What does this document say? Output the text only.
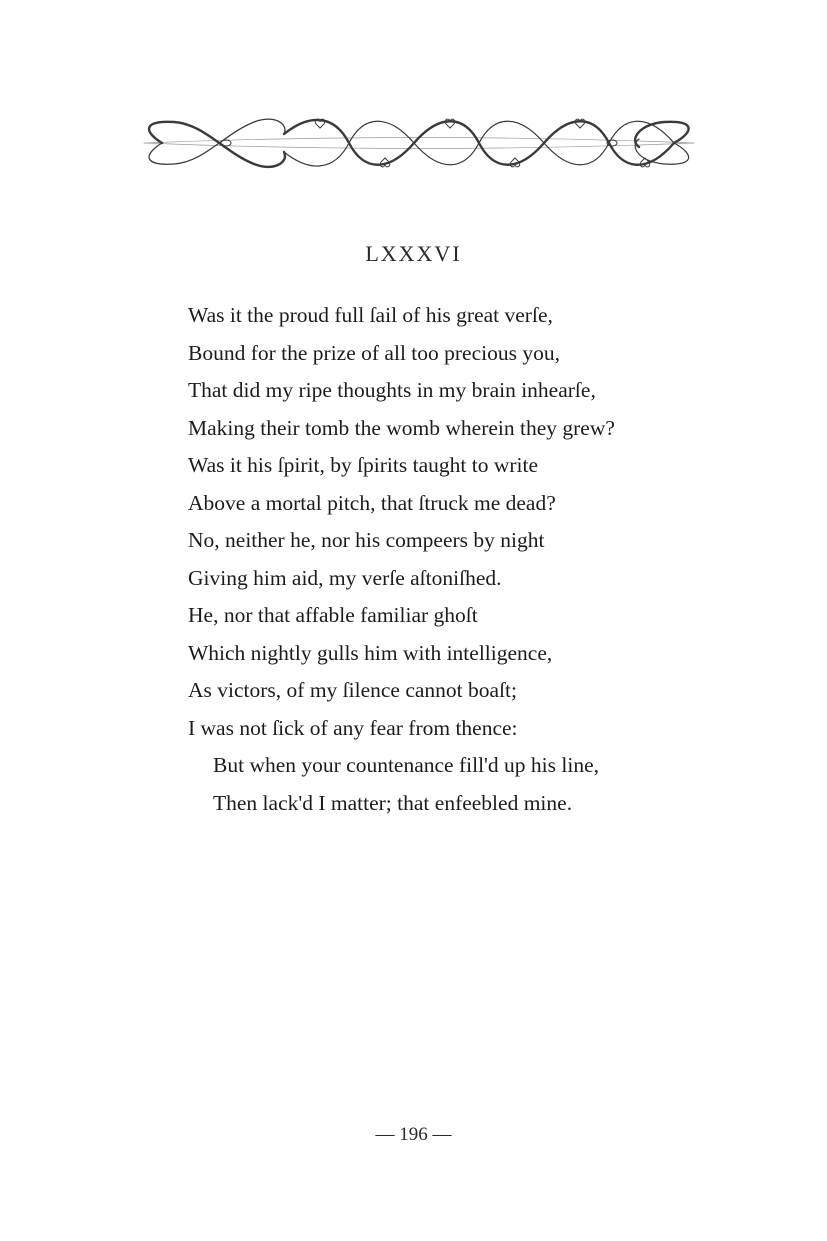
LXXXVI
Was it the proud full ſail of his great verſe,
Bound for the prize of all too precious you,
That did my ripe thoughts in my brain inhearſe,
Making their tomb the womb wherein they grew?
Was it his ſpirit, by ſpirits taught to write
Above a mortal pitch, that ſtruck me dead?
No, neither he, nor his compeers by night
Giving him aid, my verſe aſtoniſhed.
He, nor that affable familiar ghoſt
Which nightly gulls him with intelligence,
As victors, of my ſilence cannot boaſt;
I was not ſick of any fear from thence:
But when your countenance fill'd up his line,
Then lack'd I matter; that enfeebled mine.
— 196 —
